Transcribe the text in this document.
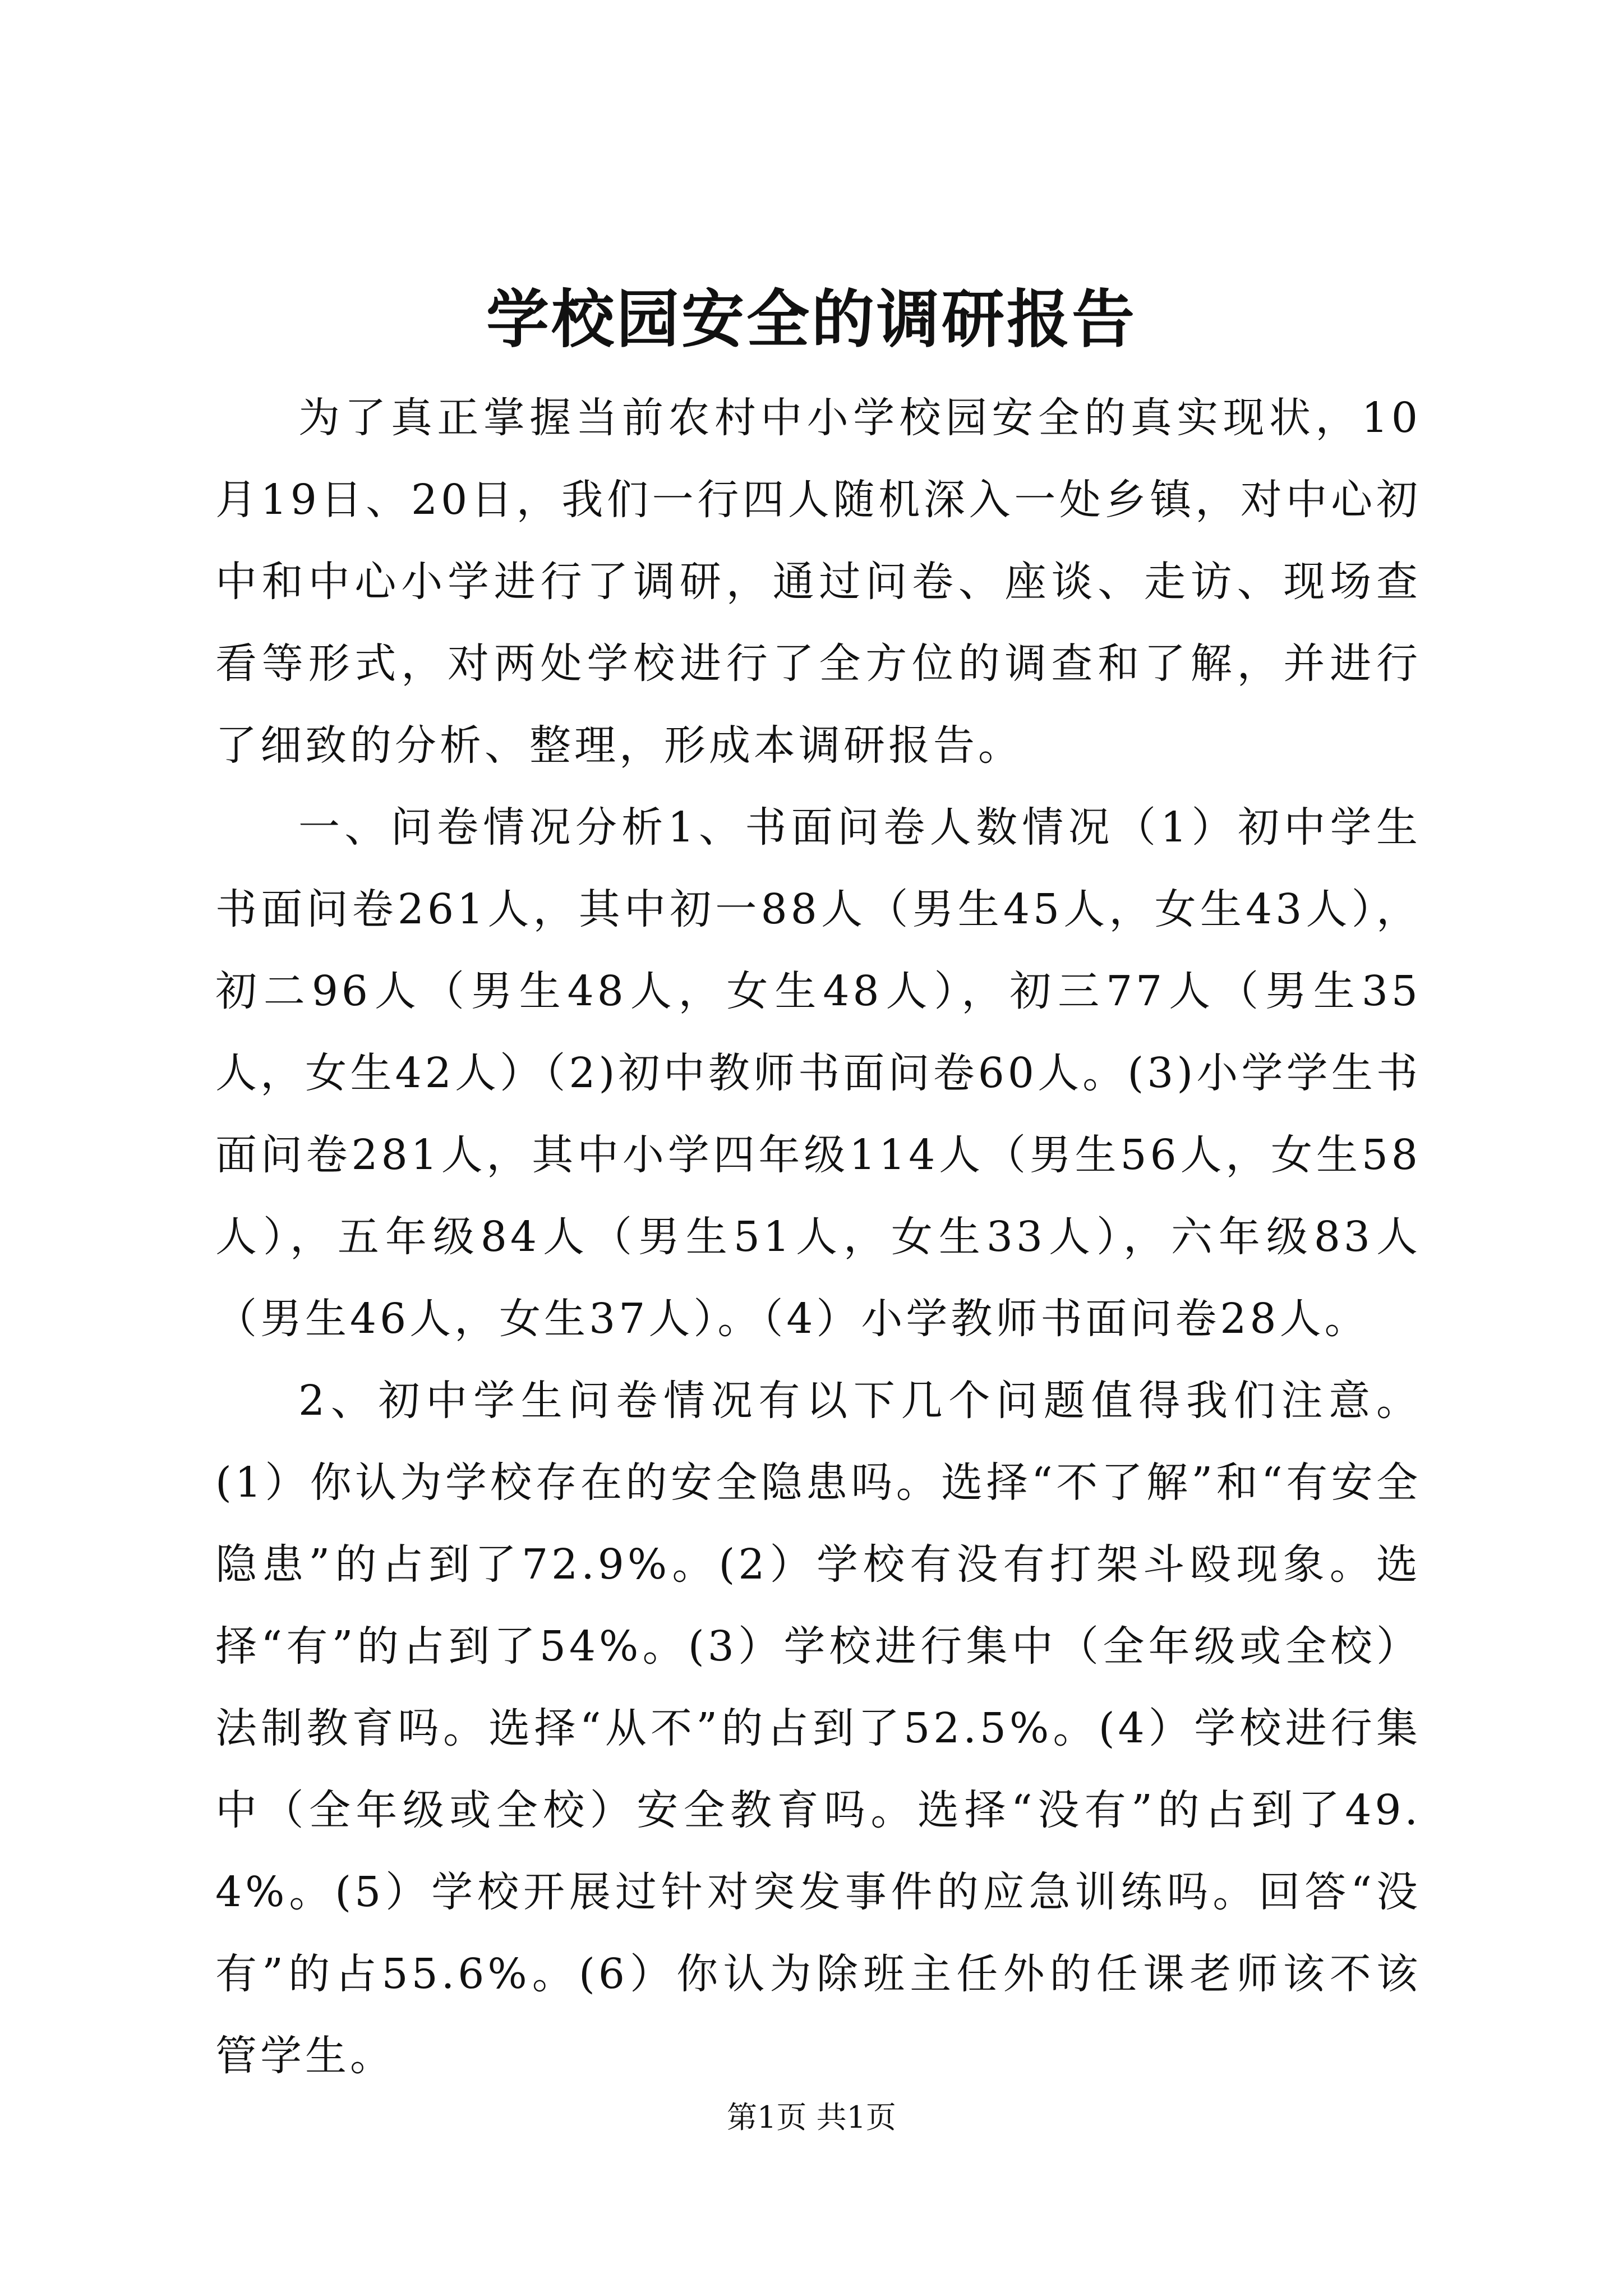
学校园安全的调研报告

为了真正掌握当前农村中小学校园安全的真实现状，10月19日、20日，我们一行四人随机深入一处乡镇，对中心初中和中心小学进行了调研，通过问卷、座谈、走访、现场查看等形式，对两处学校进行了全方位的调查和了解，并进行了细致的分析、整理，形成本调研报告。

一、问卷情况分析1、书面问卷人数情况（1）初中学生书面问卷261人，其中初一88人（男生45人，女生43人），初二96人（男生48人，女生48人），初三77人（男生35人，女生42人）（2)初中教师书面问卷60人。(3)小学学生书面问卷281人，其中小学四年级114人（男生56人，女生58人），五年级84人（男生51人，女生33人），六年级83人（男生46人，女生37人）。（4）小学教师书面问卷28人。

2、初中学生问卷情况有以下几个问题值得我们注意。(1）你认为学校存在的安全隐患吗。选择“不了解”和“有安全隐患”的占到了72.9%。(2）学校有没有打架斗殴现象。选择“有”的占到了54%。(3）学校进行集中（全年级或全校）法制教育吗。选择“从不”的占到了52.5%。(4）学校进行集中（全年级或全校）安全教育吗。选择“没有”的占到了49.4%。(5）学校开展过针对突发事件的应急训练吗。回答“没有”的占55.6%。(6）你认为除班主任外的任课老师该不该管学生。

第1页 共1页
